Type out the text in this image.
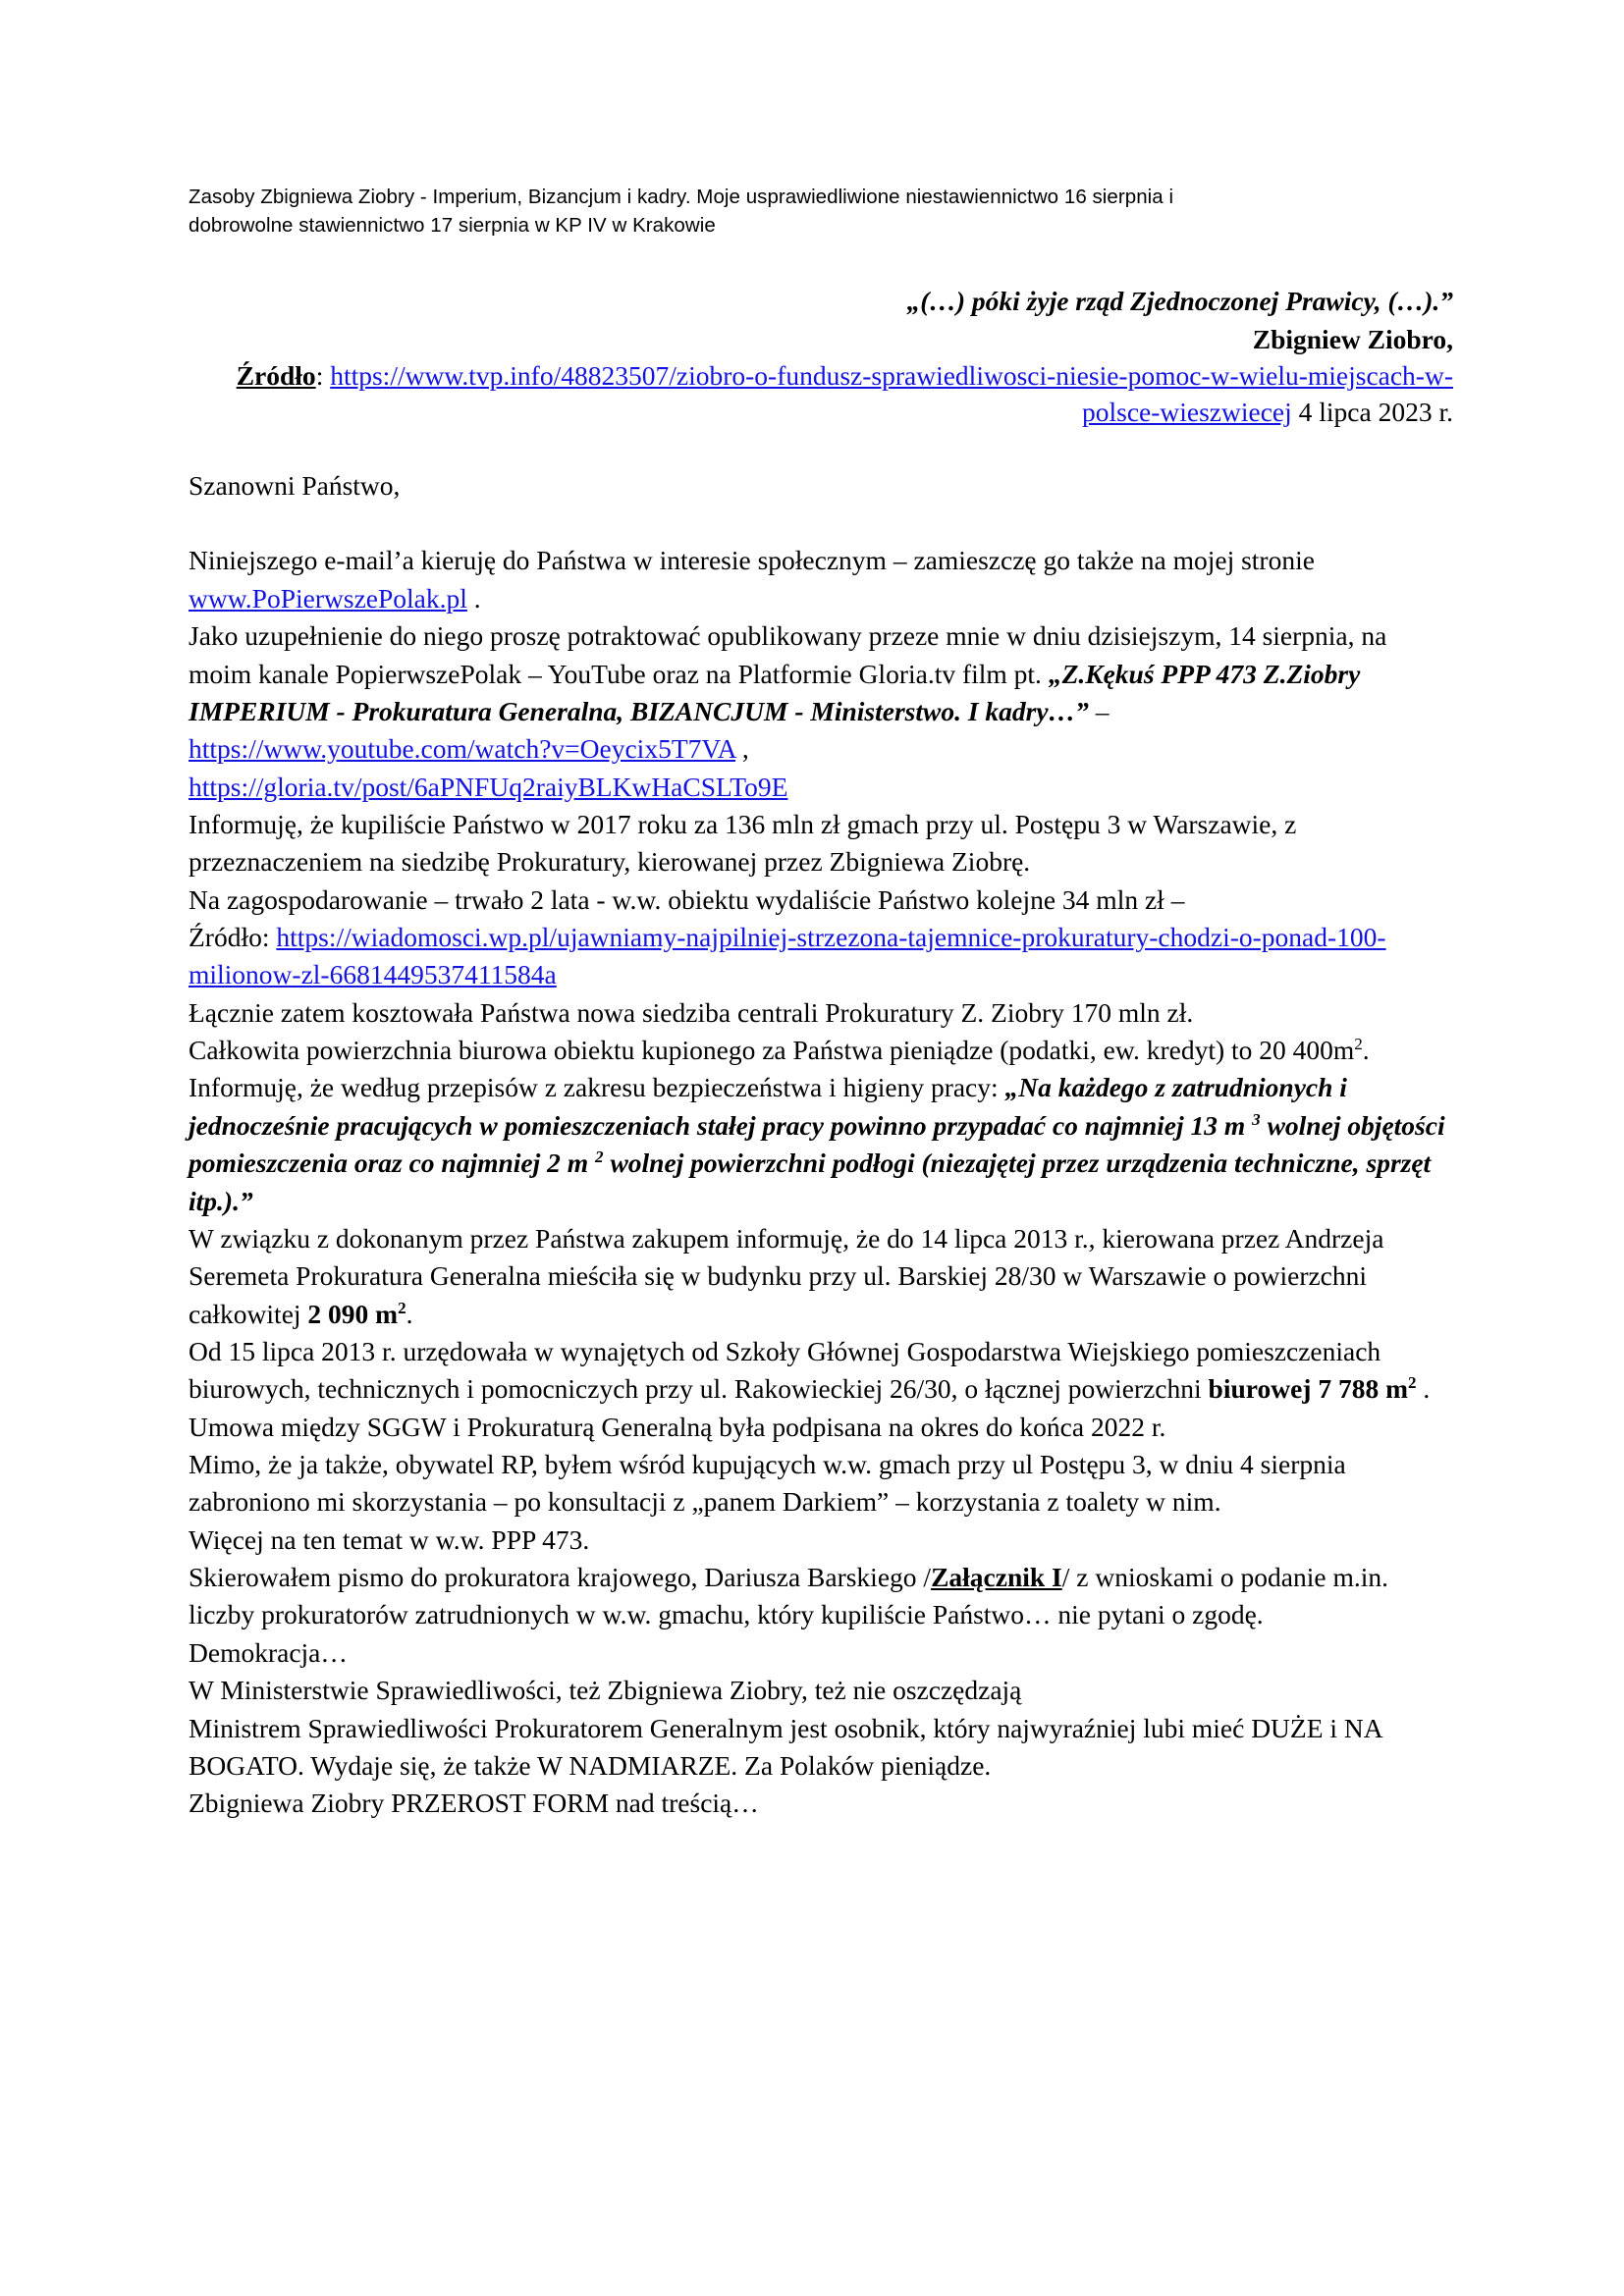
Zasoby Zbigniewa Ziobry - Imperium, Bizancjum i kadry. Moje usprawiedliwione niestawiennictwo 16 sierpnia i
dobrowolne stawiennictwo 17 sierpnia w KP IV w Krakowie

„(…) póki żyje rząd Zjednoczonej Prawicy, (…).”

Zbigniew Ziobro,

Źródło: https://www.tvp.info/48823507/ziobro-o-fundusz-sprawiedliwosci-niesie-pomoc-w-wielu-miejscach-w-polsce-wieszwiecej 4 lipca 2023 r.

Szanowni Państwo,

Niniejszego e-mail’a kieruję do Państwa w interesie społecznym – zamieszczę go także na mojej stronie www.PoPierwszePolak.pl .

Jako uzupełnienie do niego proszę potraktować opublikowany przeze mnie w dniu dzisiejszym, 14 sierpnia, na moim kanale PopierwszePolak – YouTube oraz na Platformie Gloria.tv film pt. „Z.Kękuś PPP 473 Z.Ziobry IMPERIUM - Prokuratura Generalna, BIZANCJUM - Ministerstwo. I kadry…” – https://www.youtube.com/watch?v=Oeycix5T7VA ,

https://gloria.tv/post/6aPNFUq2raiyBLKwHaCSLTo9E

Informuję, że kupiliście Państwo w 2017 roku za 136 mln zł gmach przy ul. Postępu 3 w Warszawie, z przeznaczeniem na siedzibę Prokuratury, kierowanej przez Zbigniewa Ziobrę.

Na zagospodarowanie – trwało 2 lata - w.w. obiektu wydaliście Państwo kolejne 34 mln zł –

Źródło: https://wiadomosci.wp.pl/ujawniamy-najpilniej-strzezona-tajemnice-prokuratury-chodzi-o-ponad-100-milionow-zl-6681449537411584a

Łącznie zatem kosztowała Państwa nowa siedziba centrali Prokuratury Z. Ziobry 170 mln zł.

Całkowita powierzchnia biurowa obiektu kupionego za Państwa pieniądze (podatki, ew. kredyt) to 20 $400m^2$.

Informuję, że według przepisów z zakresu bezpieczeństwa i higieny pracy: „Na każdego z zatrudnionych i jednocześnie pracujących w pomieszczeniach stałej pracy powinno przypadać co najmniej 13 m $^3$ wolnej objętości pomieszczenia oraz co najmniej 2 m $^2$ wolnej powierzchni podłogi (niezajętej przez urządzenia techniczne, sprzęt itp.).”

W związku z dokonanym przez Państwa zakupem informuję, że do 14 lipca 2013 r., kierowana przez Andrzeja Seremeta Prokuratura Generalna mieściła się w budynku przy ul. Barskiej 28/30 w Warszawie o powierzchni całkowitej 2 090 $m^2$.

Od 15 lipca 2013 r. urzędowała w wynajętych od Szkoły Głównej Gospodarstwa Wiejskiego pomieszczeniach biurowych, technicznych i pomocniczych przy ul. Rakowieckiej 26/30, o łącznej powierzchni biurowej 7 788 $m^2$ .

Umowa między SGGW i Prokuraturą Generalną była podpisana na okres do końca 2022 r.

Mimo, że ja także, obywatel RP, byłem wśród kupujących w.w. gmach przy ul Postępu 3, w dniu 4 sierpnia zabroniono mi skorzystania – po konsultacji z „panem Darkiem” – korzystania z toalety w nim.

Więcej na ten temat w w.w. PPP 473.

Skierowałem pismo do prokuratora krajowego, Dariusza Barskiego /Załącznik I/ z wnioskami o podanie m.in. liczby prokuratorów zatrudnionych w w.w. gmachu, który kupiliście Państwo… nie pytani o zgodę.

Demokracja…

W Ministerstwie Sprawiedliwości, też Zbigniewa Ziobry, też nie oszczędzają

Ministrem Sprawiedliwości Prokuratorem Generalnym jest osobnik, który najwyraźniej lubi mieć DUŻE i NA BOGATO. Wydaje się, że także W NADMIARZE. Za Polaków pieniądze.

Zbigniewa Ziobry PRZEROST FORM nad treścią…
